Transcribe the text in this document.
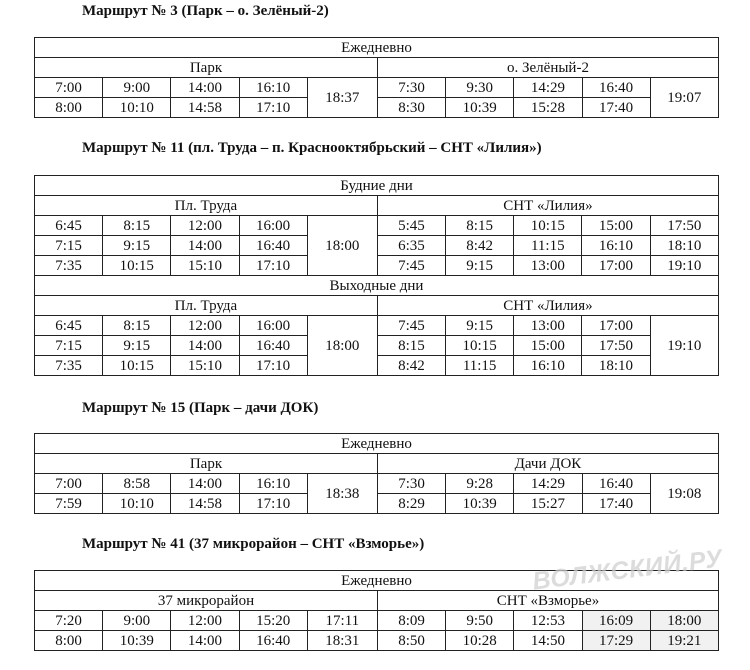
Маршрут № 3 (Парк – о. Зелёный-2)
Ежедневно									
Парк					о. Зелёный-2				
7:00	9:00	14:00	16:10	18:37	7:30	9:30	14:29	16:40	19:07
8:00	10:10	14:58	17:10		8:30	10:39	15:28	17:40	
Маршрут № 11 (пл. Труда – п. Краснооктябрьский – СНТ «Лилия»)
Будние дни									
Пл. Труда					СНТ «Лилия»				
6:45	8:15	12:00	16:00	18:00	5:45	8:15	10:15	15:00	17:50
7:15	9:15	14:00	16:40		6:35	8:42	11:15	16:10	18:10
7:35	10:15	15:10	17:10		7:45	9:15	13:00	17:00	19:10
Выходные дни									
Пл. Труда					СНТ «Лилия»				
6:45	8:15	12:00	16:00	18:00	7:45	9:15	13:00	17:00	19:10
7:15	9:15	14:00	16:40		8:15	10:15	15:00	17:50	
7:35	10:15	15:10	17:10		8:42	11:15	16:10	18:10	
Маршрут № 15 (Парк – дачи ДОК)
Ежедневно									
Парк					Дачи ДОК				
7:00	8:58	14:00	16:10	18:38	7:30	9:28	14:29	16:40	19:08
7:59	10:10	14:58	17:10		8:29	10:39	15:27	17:40	
Маршрут № 41 (37 микрорайон – СНТ «Взморье»)
Ежедневно									
37 микрорайон					СНТ «Взморье»				
7:20	9:00	12:00	15:20	17:11	8:09	9:50	12:53	16:09	18:00
8:00	10:39	14:00	16:40	18:31	8:50	10:28	14:50	17:29	19:21
ВОЛЖСКИЙ.РУ
